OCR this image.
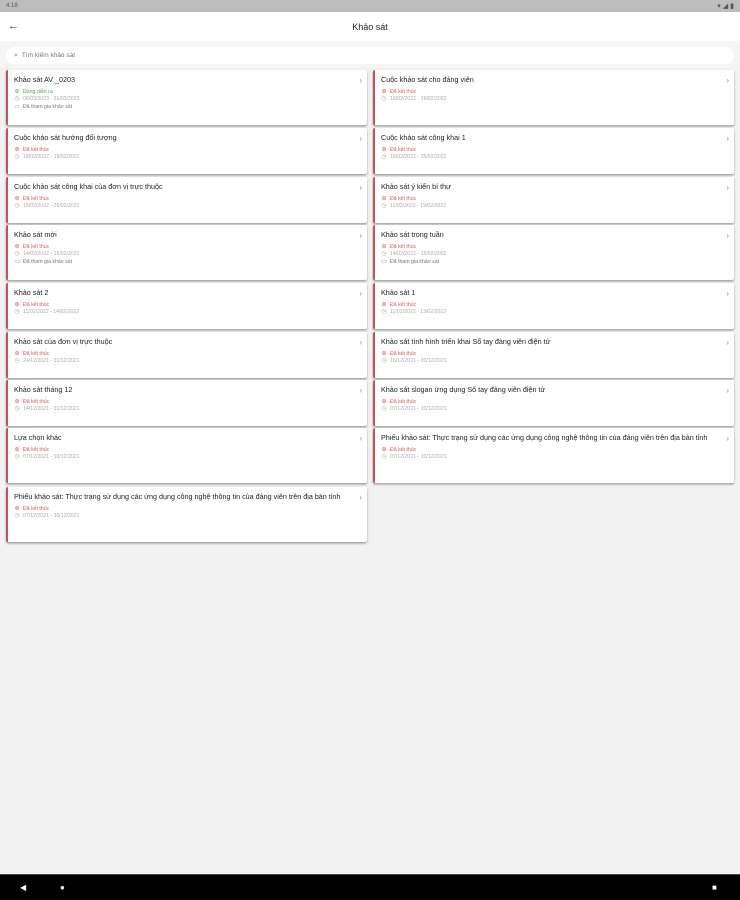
4:18	▾ ◢ ▮
←	Khảo sát
⌕
Tìm kiếm khảo sát
Khảo sát AV _0203
⊛ Đang diễn ra
◷ 06/03/2023 - 31/03/2023
▭ Đã tham gia khảo sát
›	Cuộc khảo sát cho đảng viên
⊛ Đã kết thúc
◷ 18/02/2022 - 19/02/2022
›
Cuộc khảo sát hướng đối tượng
⊛ Đã kết thúc
◷ 18/02/2022 - 19/02/2022
›	Cuộc khảo sát công khai 1
⊛ Đã kết thúc
◷ 16/02/2022 - 25/02/2022
›
Cuộc khảo sát công khai của đơn vị trực thuộc
⊛ Đã kết thúc
◷ 16/02/2022 - 26/02/2022
›	Khảo sát ý kiến bí thư
⊛ Đã kết thúc
◷ 11/02/2022 - 19/02/2022
›
Khảo sát mới
⊛ Đã kết thúc
◷ 14/02/2022 - 15/02/2022
▭ Đã tham gia khảo sát
›	Khảo sát trong tuần
⊛ Đã kết thúc
◷ 14/02/2022 - 15/02/2022
▭ Đã tham gia khảo sát
›
Khảo sát 2
⊛ Đã kết thúc
◷ 11/02/2022 - 14/02/2022
›	Khảo sát 1
⊛ Đã kết thúc
◷ 11/02/2022 - 13/02/2022
›
Khảo sát của đơn vị trực thuộc
⊛ Đã kết thúc
◷ 24/12/2021 - 31/12/2021
›	Khảo sát tình hình triển khai Sổ tay đảng viên điện tử
⊛ Đã kết thúc
◷ 16/12/2021 - 20/12/2021
›
Khảo sát tháng 12
⊛ Đã kết thúc
◷ 14/12/2021 - 31/12/2021
›	Khảo sát slogan ứng dụng Sổ tay đảng viên điện tử
⊛ Đã kết thúc
◷ 07/12/2021 - 10/12/2021
›
Lựa chọn khác
⊛ Đã kết thúc
◷ 07/12/2021 - 10/12/2021
›	Phiếu khảo sát: Thực trạng sử dụng các ứng dụng công nghệ thông tin của đảng viên trên địa bàn tỉnh
⊛ Đã kết thúc
◷ 07/12/2021 - 10/12/2021
›
Phiếu khảo sát: Thực trạng sử dụng các ứng dụng công nghệ thông tin của đảng viên trên địa bàn tỉnh
⊛ Đã kết thúc
◷ 07/12/2021 - 10/12/2021
›
◀	●	■
